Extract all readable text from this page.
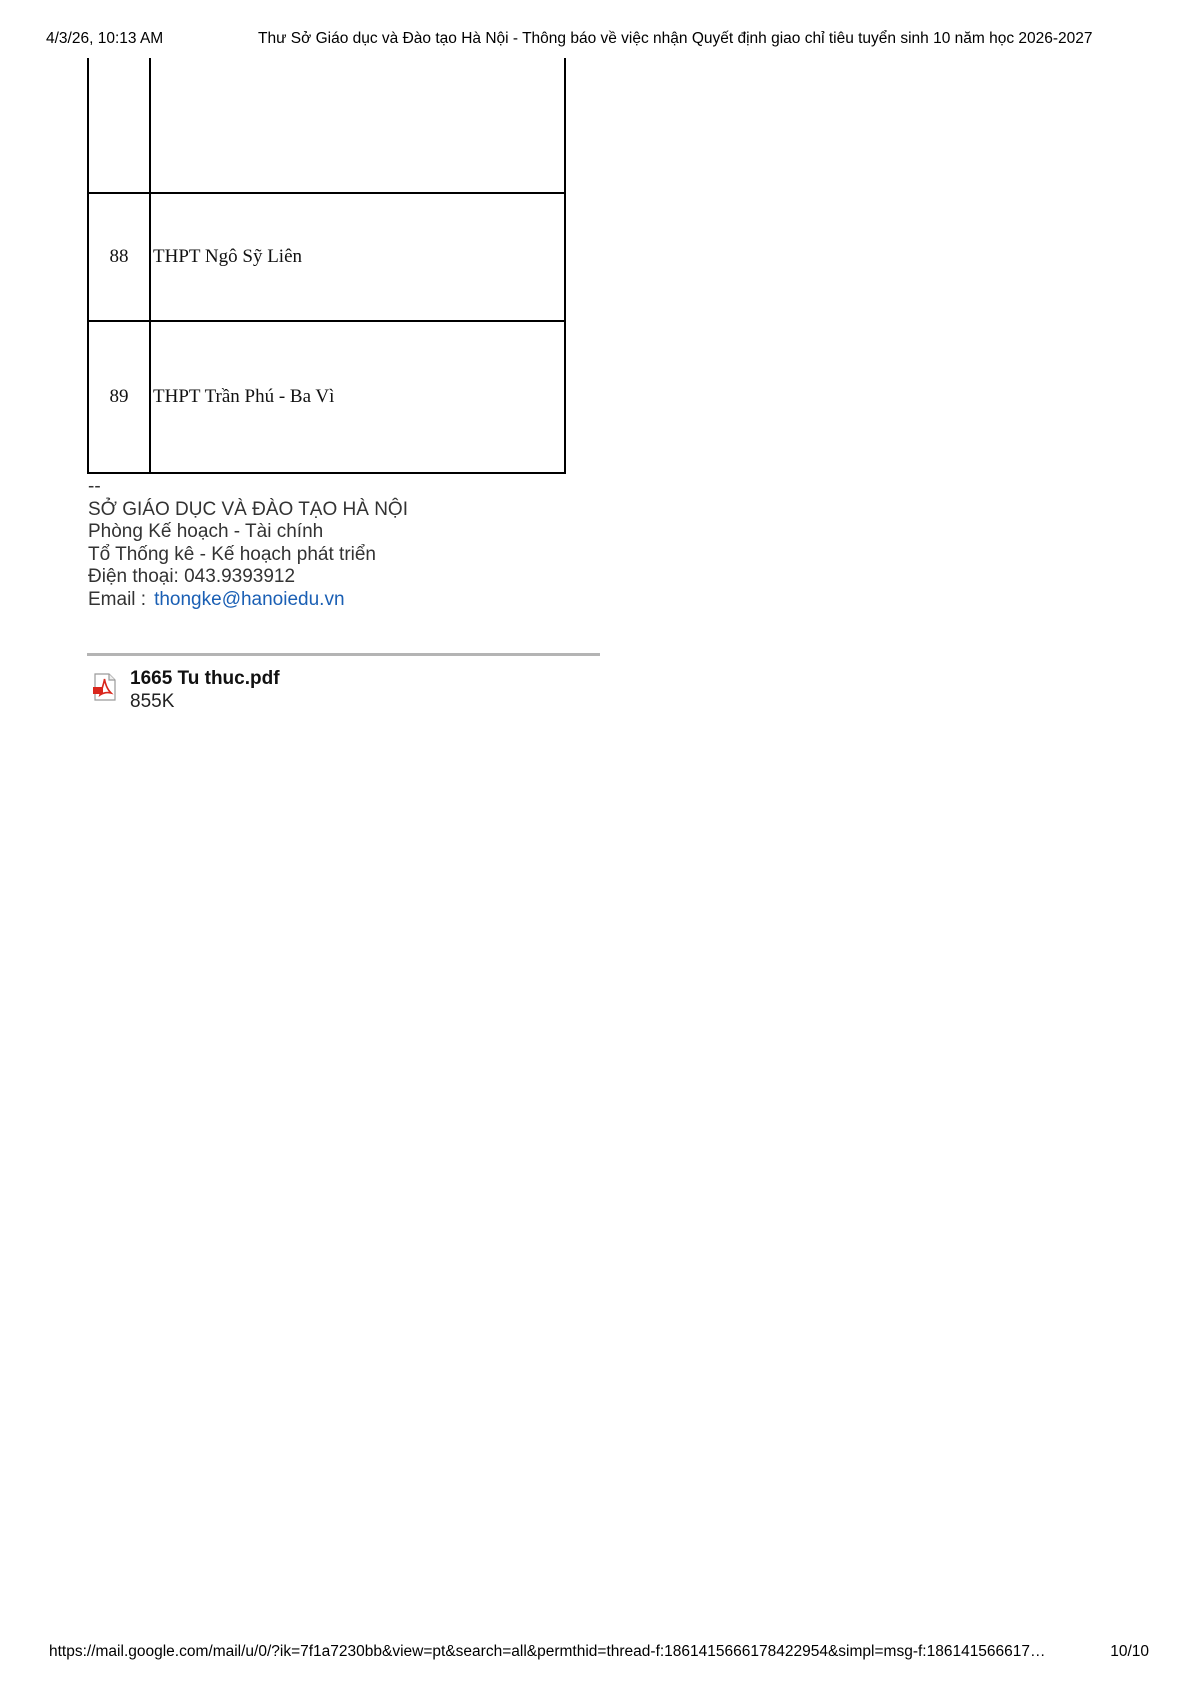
4/3/26, 10:13 AM	Thư Sở Giáo dục và Đào tạo Hà Nội - Thông báo về việc nhận Quyết định giao chỉ tiêu tuyển sinh 10 năm học 2026-2027

88	THPT Ngô Sỹ Liên
89	THPT Trần Phú - Ba Vì
--
SỞ GIÁO DỤC VÀ ĐÀO TẠO HÀ NỘI
Phòng Kế hoạch - Tài chính
Tổ Thống kê - Kế hoạch phát triển
Điện thoại: 043.9393912
Email : thongke@hanoiedu.vn
1665 Tu thuc.pdf
855K
https://mail.google.com/mail/u/0/?ik=7f1a7230bb&view=pt&search=all&permthid=thread-f:1861415666178422954&simpl=msg-f:186141566617…	10/10
